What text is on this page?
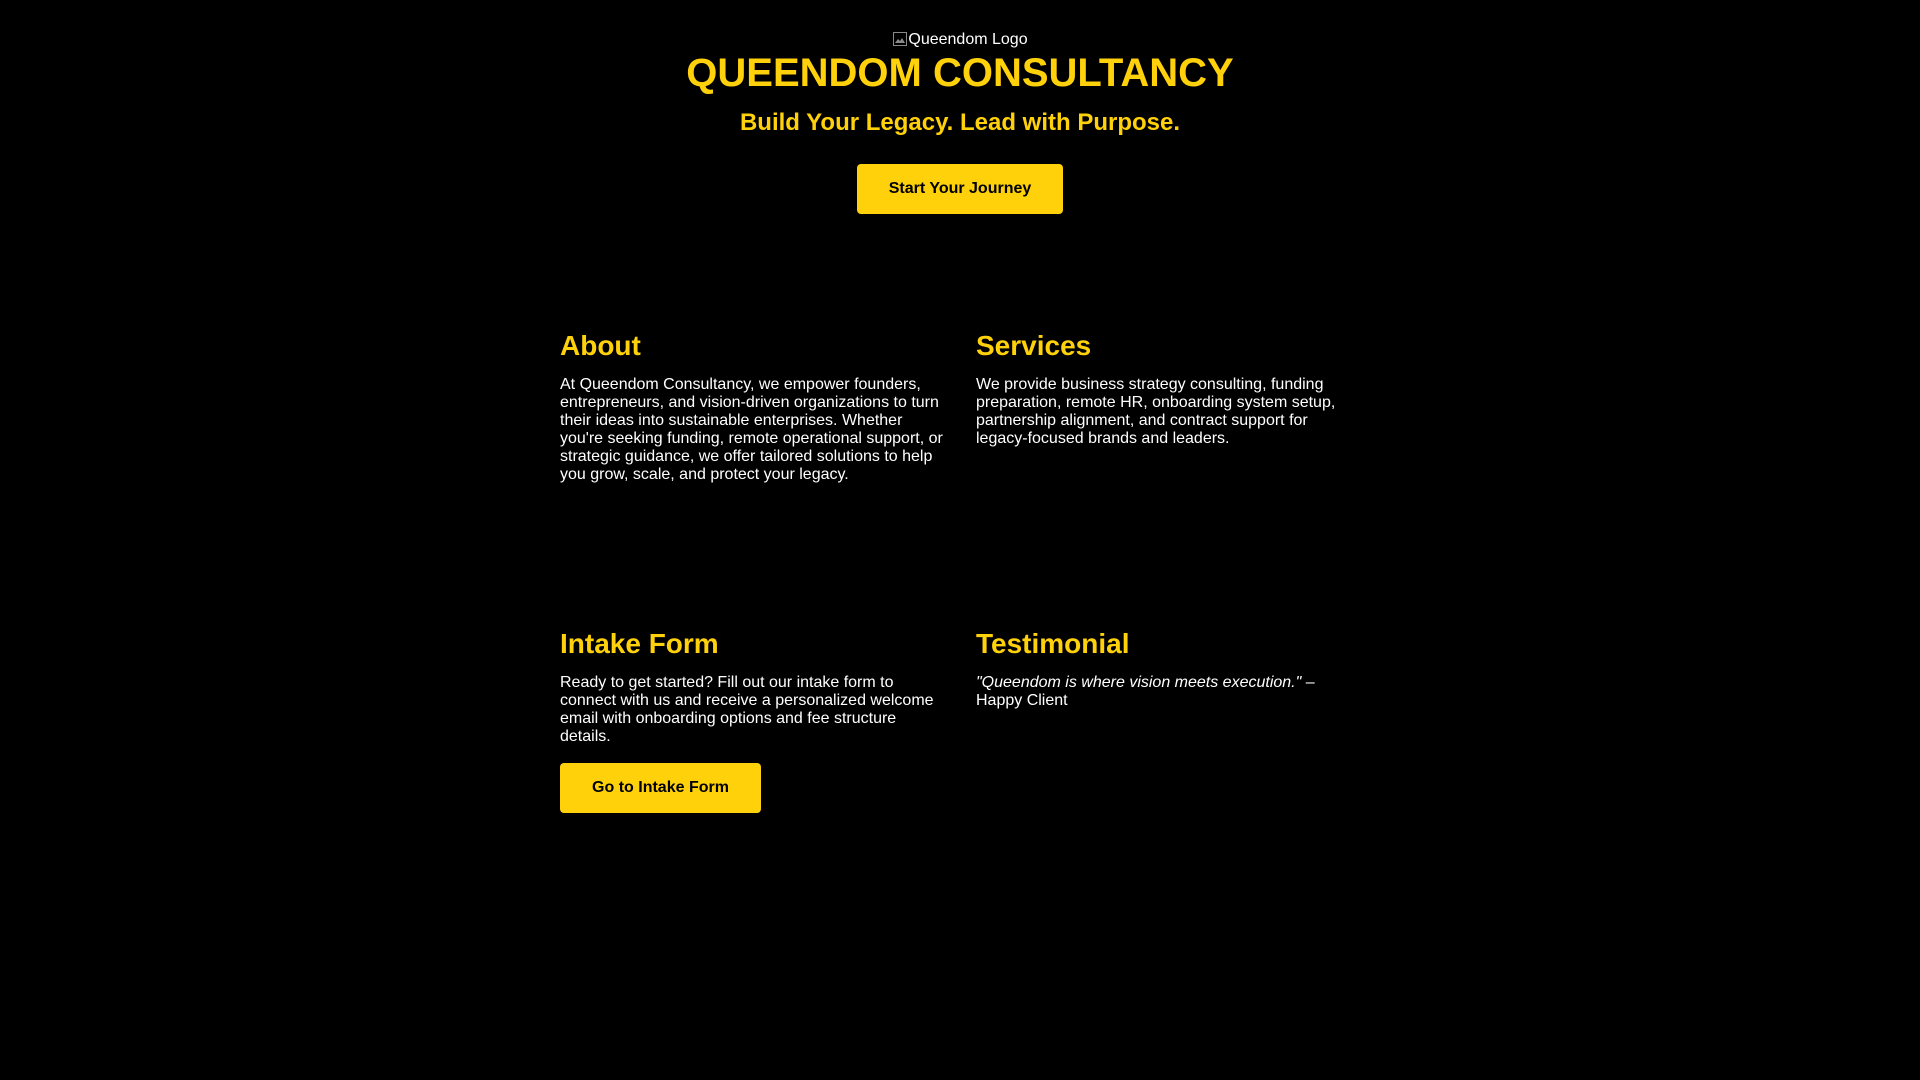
Queendom Logo
QUEENDOM CONSULTANCY

Build Your Legacy. Lead with Purpose.

Start Your Journey
About

At Queendom Consultancy, we empower founders, entrepreneurs, and vision-driven organizations to turn their ideas into sustainable enterprises. Whether you're seeking funding, remote operational support, or strategic guidance, we offer tailored solutions to help you grow, scale, and protect your legacy.

Services

We provide business strategy consulting, funding preparation, remote HR, onboarding system setup, partnership alignment, and contract support for legacy-focused brands and leaders.

Intake Form

Ready to get started? Fill out our intake form to connect with us and receive a personalized welcome email with onboarding options and fee structure details.

Go to Intake Form
Testimonial

"Queendom is where vision meets execution." – Happy Client
